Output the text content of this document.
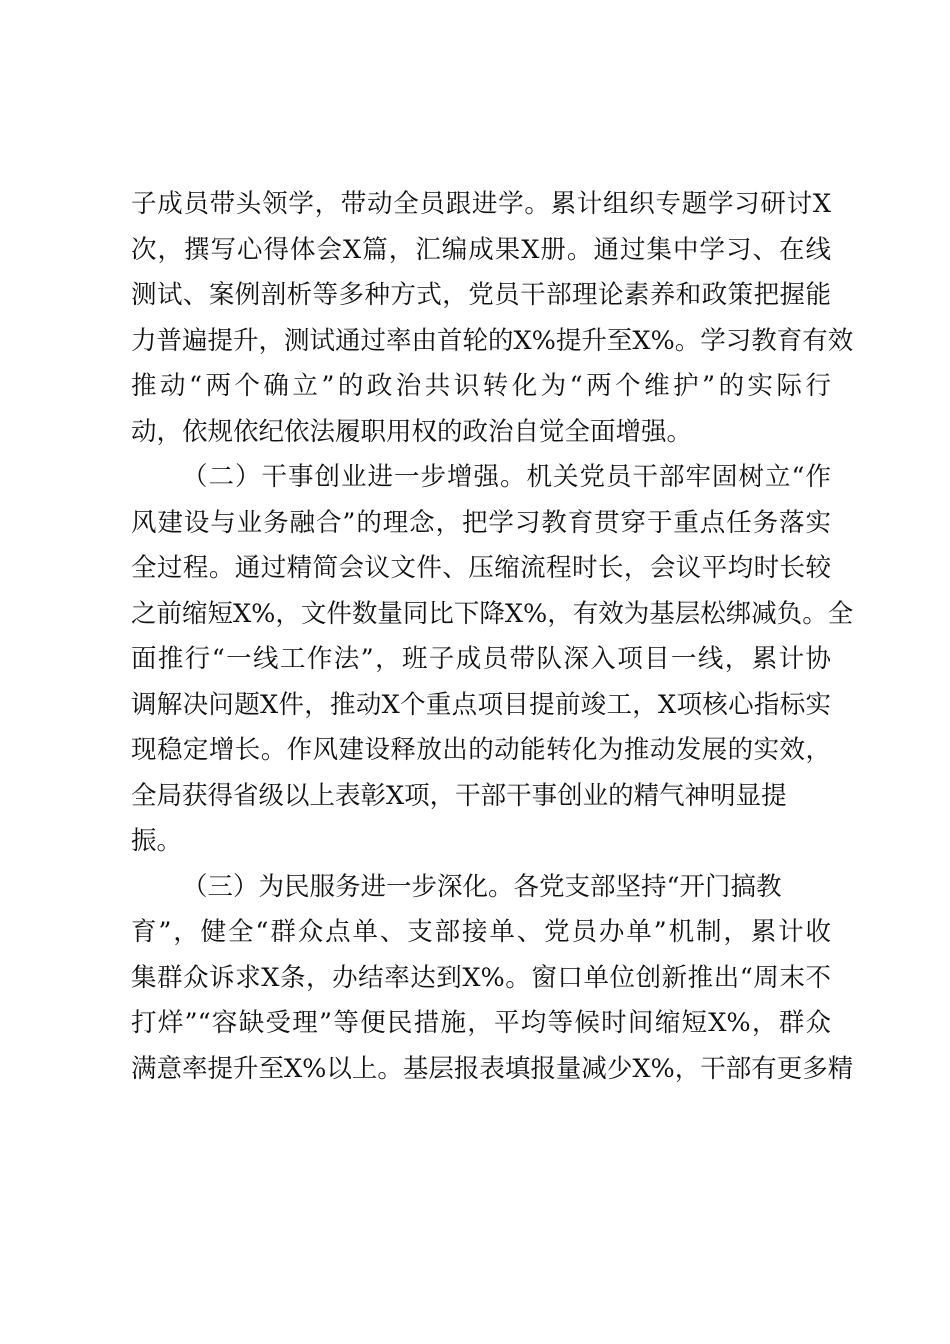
子成员带头领学，带动全员跟进学。累计组织专题学习研讨X
次，撰写心得体会X篇，汇编成果X册。通过集中学习、在线
测试、案例剖析等多种方式，党员干部理论素养和政策把握能
力普遍提升，测试通过率由首轮的X%提升至X%。学习教育有效
推动“两个确立”的政治共识转化为“两个维护”的实际行
动，依规依纪依法履职用权的政治自觉全面增强。
（二）干事创业进一步增强。机关党员干部牢固树立“作
风建设与业务融合”的理念，把学习教育贯穿于重点任务落实
全过程。通过精简会议文件、压缩流程时长，会议平均时长较
之前缩短X%，文件数量同比下降X%，有效为基层松绑减负。全
面推行“一线工作法”，班子成员带队深入项目一线，累计协
调解决问题X件，推动X个重点项目提前竣工，X项核心指标实
现稳定增长。作风建设释放出的动能转化为推动发展的实效，
全局获得省级以上表彰X项，干部干事创业的精气神明显提
振。
（三）为民服务进一步深化。各党支部坚持“开门搞教
育”，健全“群众点单、支部接单、党员办单”机制，累计收
集群众诉求X条，办结率达到X%。窗口单位创新推出“周末不
打烊”“容缺受理”等便民措施，平均等候时间缩短X%，群众
满意率提升至X%以上。基层报表填报量减少X%，干部有更多精
